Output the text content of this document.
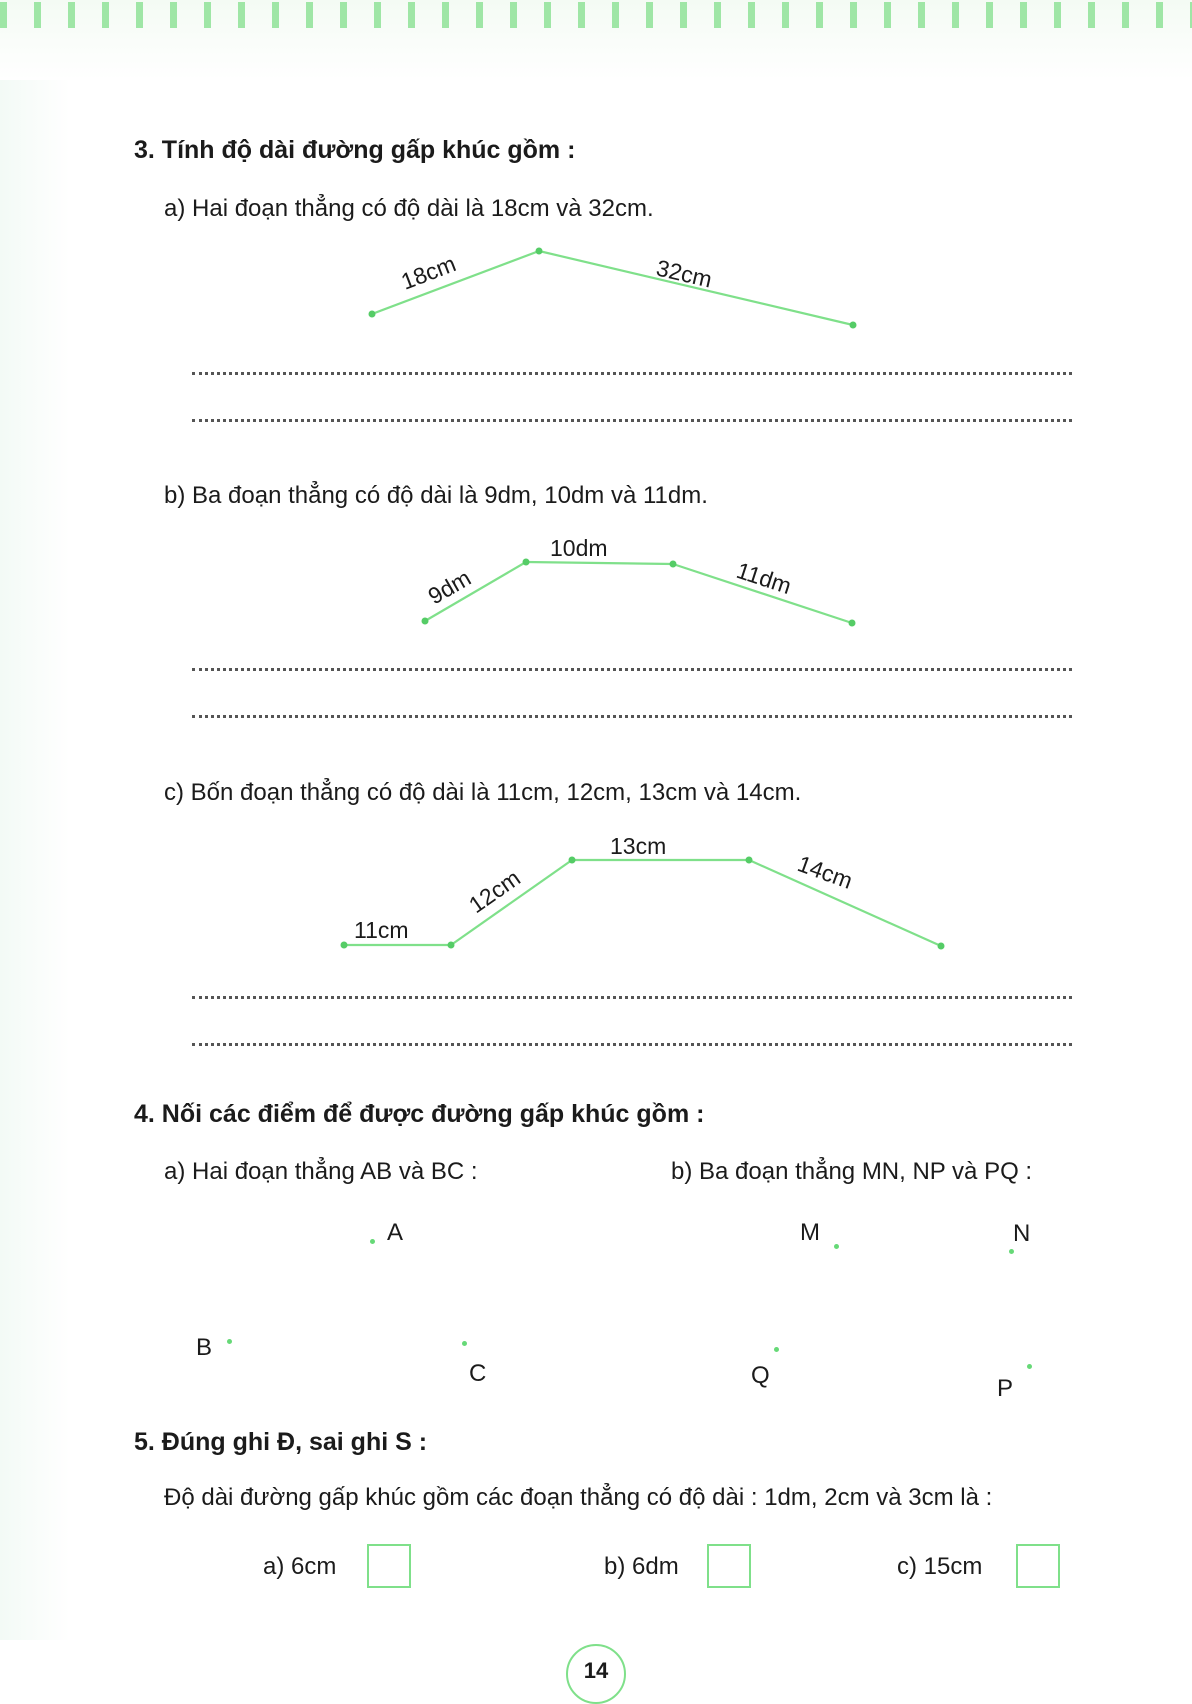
3. Tính độ dài đường gấp khúc gồm :
a) Hai đoạn thẳng có độ dài là 18cm và 32cm.
18cm	32cm
b) Ba đoạn thẳng có độ dài là 9dm, 10dm và 11dm.
9dm
10dm
11dm
c) Bốn đoạn thẳng có độ dài là 11cm, 12cm, 13cm và 14cm.
11cm
12cm
13cm
14cm
4. Nối các điểm để được đường gấp khúc gồm :
a) Hai đoạn thẳng AB và BC :	b) Ba đoạn thẳng MN, NP và PQ :
A
B
C
M	N
Q	P
5. Đúng ghi Đ, sai ghi S :
Độ dài đường gấp khúc gồm các đoạn thẳng có độ dài : 1dm, 2cm và 3cm là :
a) 6cm	b) 6dm	c) 15cm
14
